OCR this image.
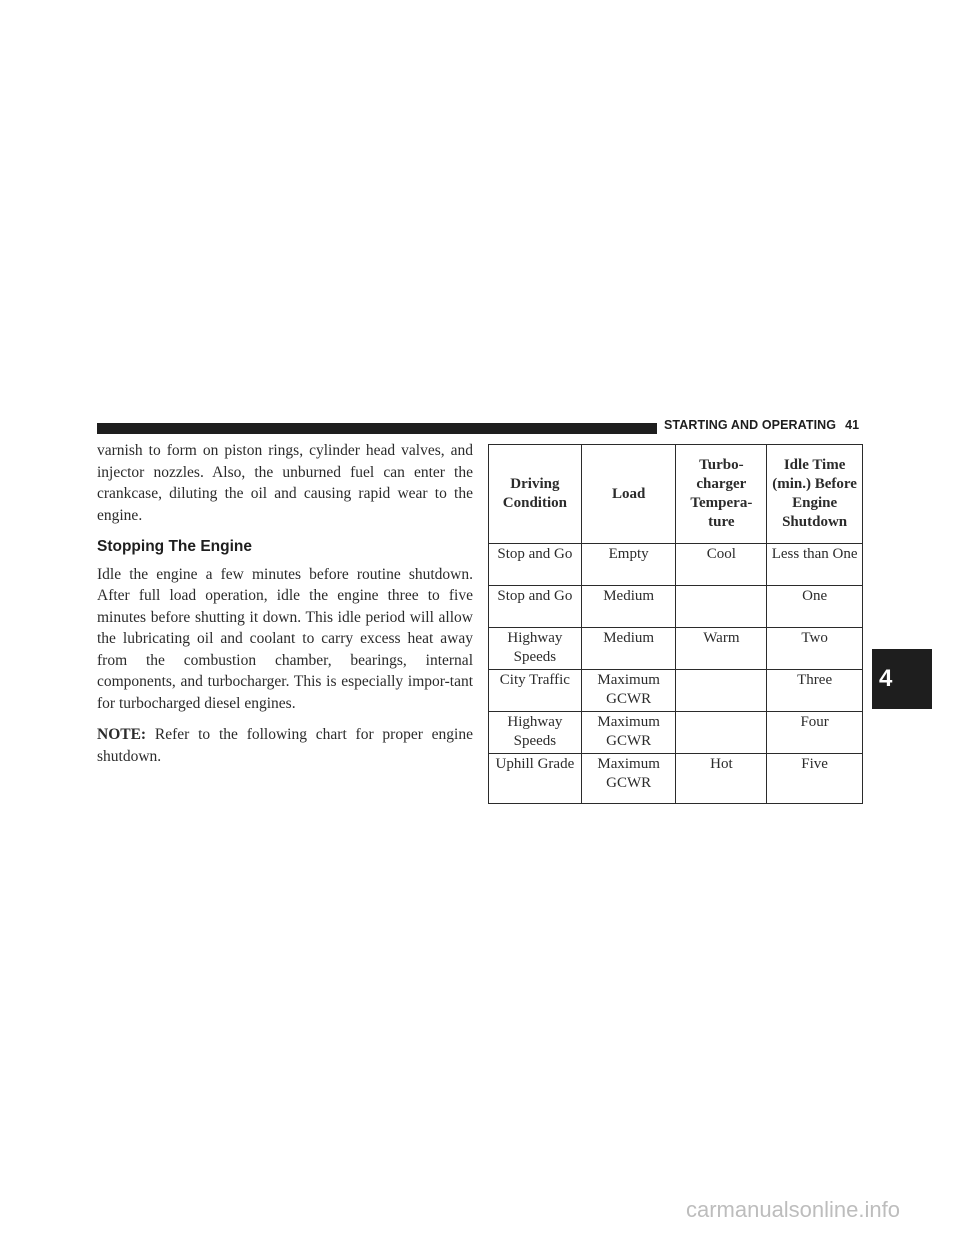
STARTING AND OPERATING 41
4

varnish to form on piston rings, cylinder head valves, and injector nozzles. Also, the unburned fuel can enter the crankcase, diluting the oil and causing rapid wear to the engine.

Stopping The Engine

Idle the engine a few minutes before routine shutdown. After full load operation, idle the engine three to five minutes before shutting it down. This idle period will allow the lubricating oil and coolant to carry excess heat away from the combustion chamber, bearings, internal components, and turbocharger. This is especially impor-tant for turbocharged diesel engines.

NOTE: Refer to the following chart for proper engine shutdown.

Driving Condition	Load	Turbo-charger Tempera-ture	Idle Time (min.) Before Engine Shutdown
Stop and Go	Empty	Cool	Less than One
Stop and Go	Medium		One
Highway Speeds	Medium	Warm	Two
City Traffic	Maximum GCWR		Three
Highway Speeds	Maximum GCWR		Four
Uphill Grade	Maximum GCWR	Hot	Five
carmanualsonline.info
